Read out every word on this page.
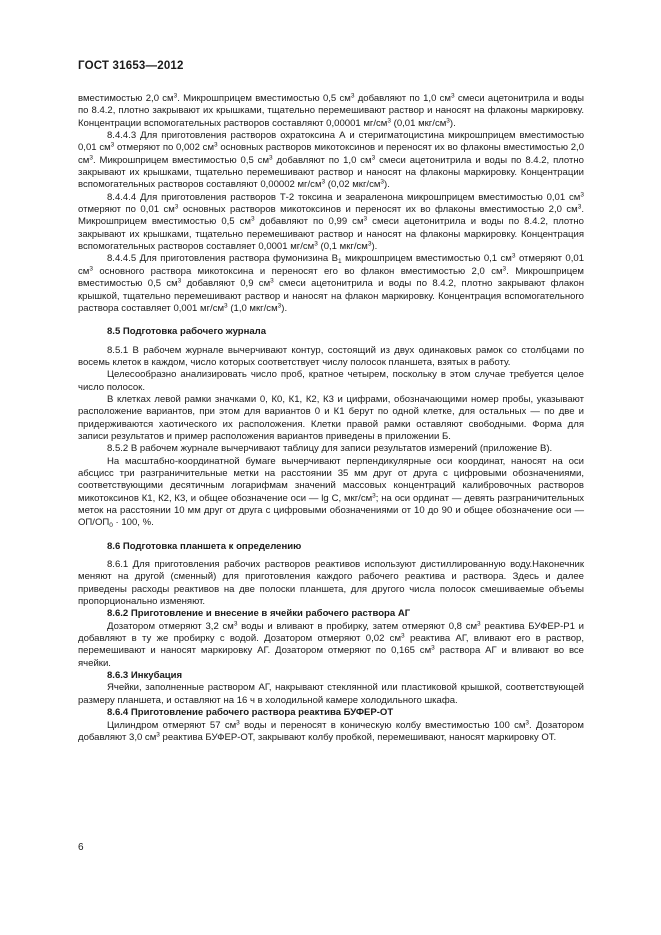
ГОСТ 31653—2012

вместимостью 2,0 $см^3$. Микрошприцем вместимостью 0,5 $см^3$ добавляют по 1,0 $см^3$ смеси ацетонитрила и воды по 8.4.2, плотно закрывают их крышками, тщательно перемешивают раствор и наносят на флаконы маркировку. Концентрации вспомогательных растворов составляют 0,00001 $мг/см^3$ (0,01 мкг/$см^3$).

8.4.4.3 Для приготовления растворов охратоксина А и стеригматоцистина микрошприцем вместимостью 0,01 $см^3$ отмеряют по 0,002 $см^3$ основных растворов микотоксинов и переносят их во флаконы вместимостью 2,0 $см^3$. Микрошприцем вместимостью 0,5 $см^3$ добавляют по 1,0 $см^3$ смеси ацетонитрила и воды по 8.4.2, плотно закрывают их крышками, тщательно перемешивают раствор и наносят на флаконы маркировку. Концентрации вспомогательных растворов составляют 0,00002 $мг/см^3$ (0,02 мкг/$см^3$).

8.4.4.4 Для приготовления растворов Т-2 токсина и зеараленона микрошприцем вместимостью 0,01 $см^3$ отмеряют по 0,01 $см^3$ основных растворов микотоксинов и переносят их во флаконы вместимостью 2,0 $см^3$. Микрошприцем вместимостью 0,5 $см^3$ добавляют по 0,99 $см^3$ смеси ацетонитрила и воды по 8.4.2, плотно закрывают их крышками, тщательно перемешивают раствор и наносят на флаконы маркировку. Концентрация вспомогательных растворов составляет 0,0001 $мг/см^3$ (0,1 мкг/$см^3$).

8.4.4.5 Для приготовления раствора фумонизина $В_1$ микрошприцем вместимостью 0,1 $см^3$ отмеряют 0,01 $см^3$ основного раствора микотоксина и переносят его во флакон вместимостью 2,0 $см^3$. Микрошприцем вместимостью 0,5 $см^3$ добавляют 0,9 $см^3$ смеси ацетонитрила и воды по 8.4.2, плотно закрывают флакон крышкой, тщательно перемешивают раствор и наносят на флакон маркировку. Концентрация вспомогательного раствора составляет 0,001 $мг/см^3$ (1,0 мкг/$см^3$).

8.5 Подготовка рабочего журнала

8.5.1 В рабочем журнале вычерчивают контур, состоящий из двух одинаковых рамок со столбцами по восемь клеток в каждом, число которых соответствует числу полосок планшета, взятых в работу.

Целесообразно анализировать число проб, кратное четырем, поскольку в этом случае требуется целое число полосок.

В клетках левой рамки значками 0, К0, К1, К2, К3 и цифрами, обозначающими номер пробы, указывают расположение вариантов, при этом для вариантов 0 и К1 берут по одной клетке, для остальных — по две и придерживаются хаотического их расположения. Клетки правой рамки оставляют свободными. Форма для записи результатов и пример расположения вариантов приведены в приложении Б.

8.5.2 В рабочем журнале вычерчивают таблицу для записи результатов измерений (приложение В).

На масштабно-координатной бумаге вычерчивают перпендикулярные оси координат, наносят на оси абсцисс три разграничительные метки на расстоянии 35 мм друг от друга с цифровыми обозначениями, соответствующими десятичным логарифмам значений массовых концентраций калибровочных растворов микотоксинов К1, К2, К3, и общее обозначение оси — lg C, мкг/$см^3$; на оси ординат — девять разграничительных меток на расстоянии 10 мм друг от друга с цифровыми обозначениями от 10 до 90 и общее обозначение оси — $ОП/ОП_0 \cdot 100$, %.

8.6 Подготовка планшета к определению

8.6.1 Для приготовления рабочих растворов реактивов используют дистиллированную воду.Наконечник меняют на другой (сменный) для приготовления каждого рабочего реактива и раствора. Здесь и далее приведены расходы реактивов на две полоски планшета, для другого числа полосок смешиваемые объемы пропорционально изменяют.

8.6.2 Приготовление и внесение в ячейки рабочего раствора АГ

Дозатором отмеряют 3,2 $см^3$ воды и вливают в пробирку, затем отмеряют 0,8 $см^3$ реактива БУФЕР-Р1 и добавляют в ту же пробирку с водой. Дозатором отмеряют 0,02 $см^3$ реактива АГ, вливают его в раствор, перемешивают и наносят маркировку АГ. Дозатором отмеряют по 0,165 $см^3$ раствора АГ и вливают во все ячейки.

8.6.3 Инкубация

Ячейки, заполненные раствором АГ, накрывают стеклянной или пластиковой крышкой, соответствующей размеру планшета, и оставляют на 16 ч в холодильной камере холодильного шкафа.

8.6.4 Приготовление рабочего раствора реактива БУФЕР-ОТ

Цилиндром отмеряют 57 $см^3$ воды и переносят в коническую колбу вместимостью 100 $см^3$. Дозатором добавляют 3,0 $см^3$ реактива БУФЕР-ОТ, закрывают колбу пробкой, перемешивают, наносят маркировку ОТ.

6
